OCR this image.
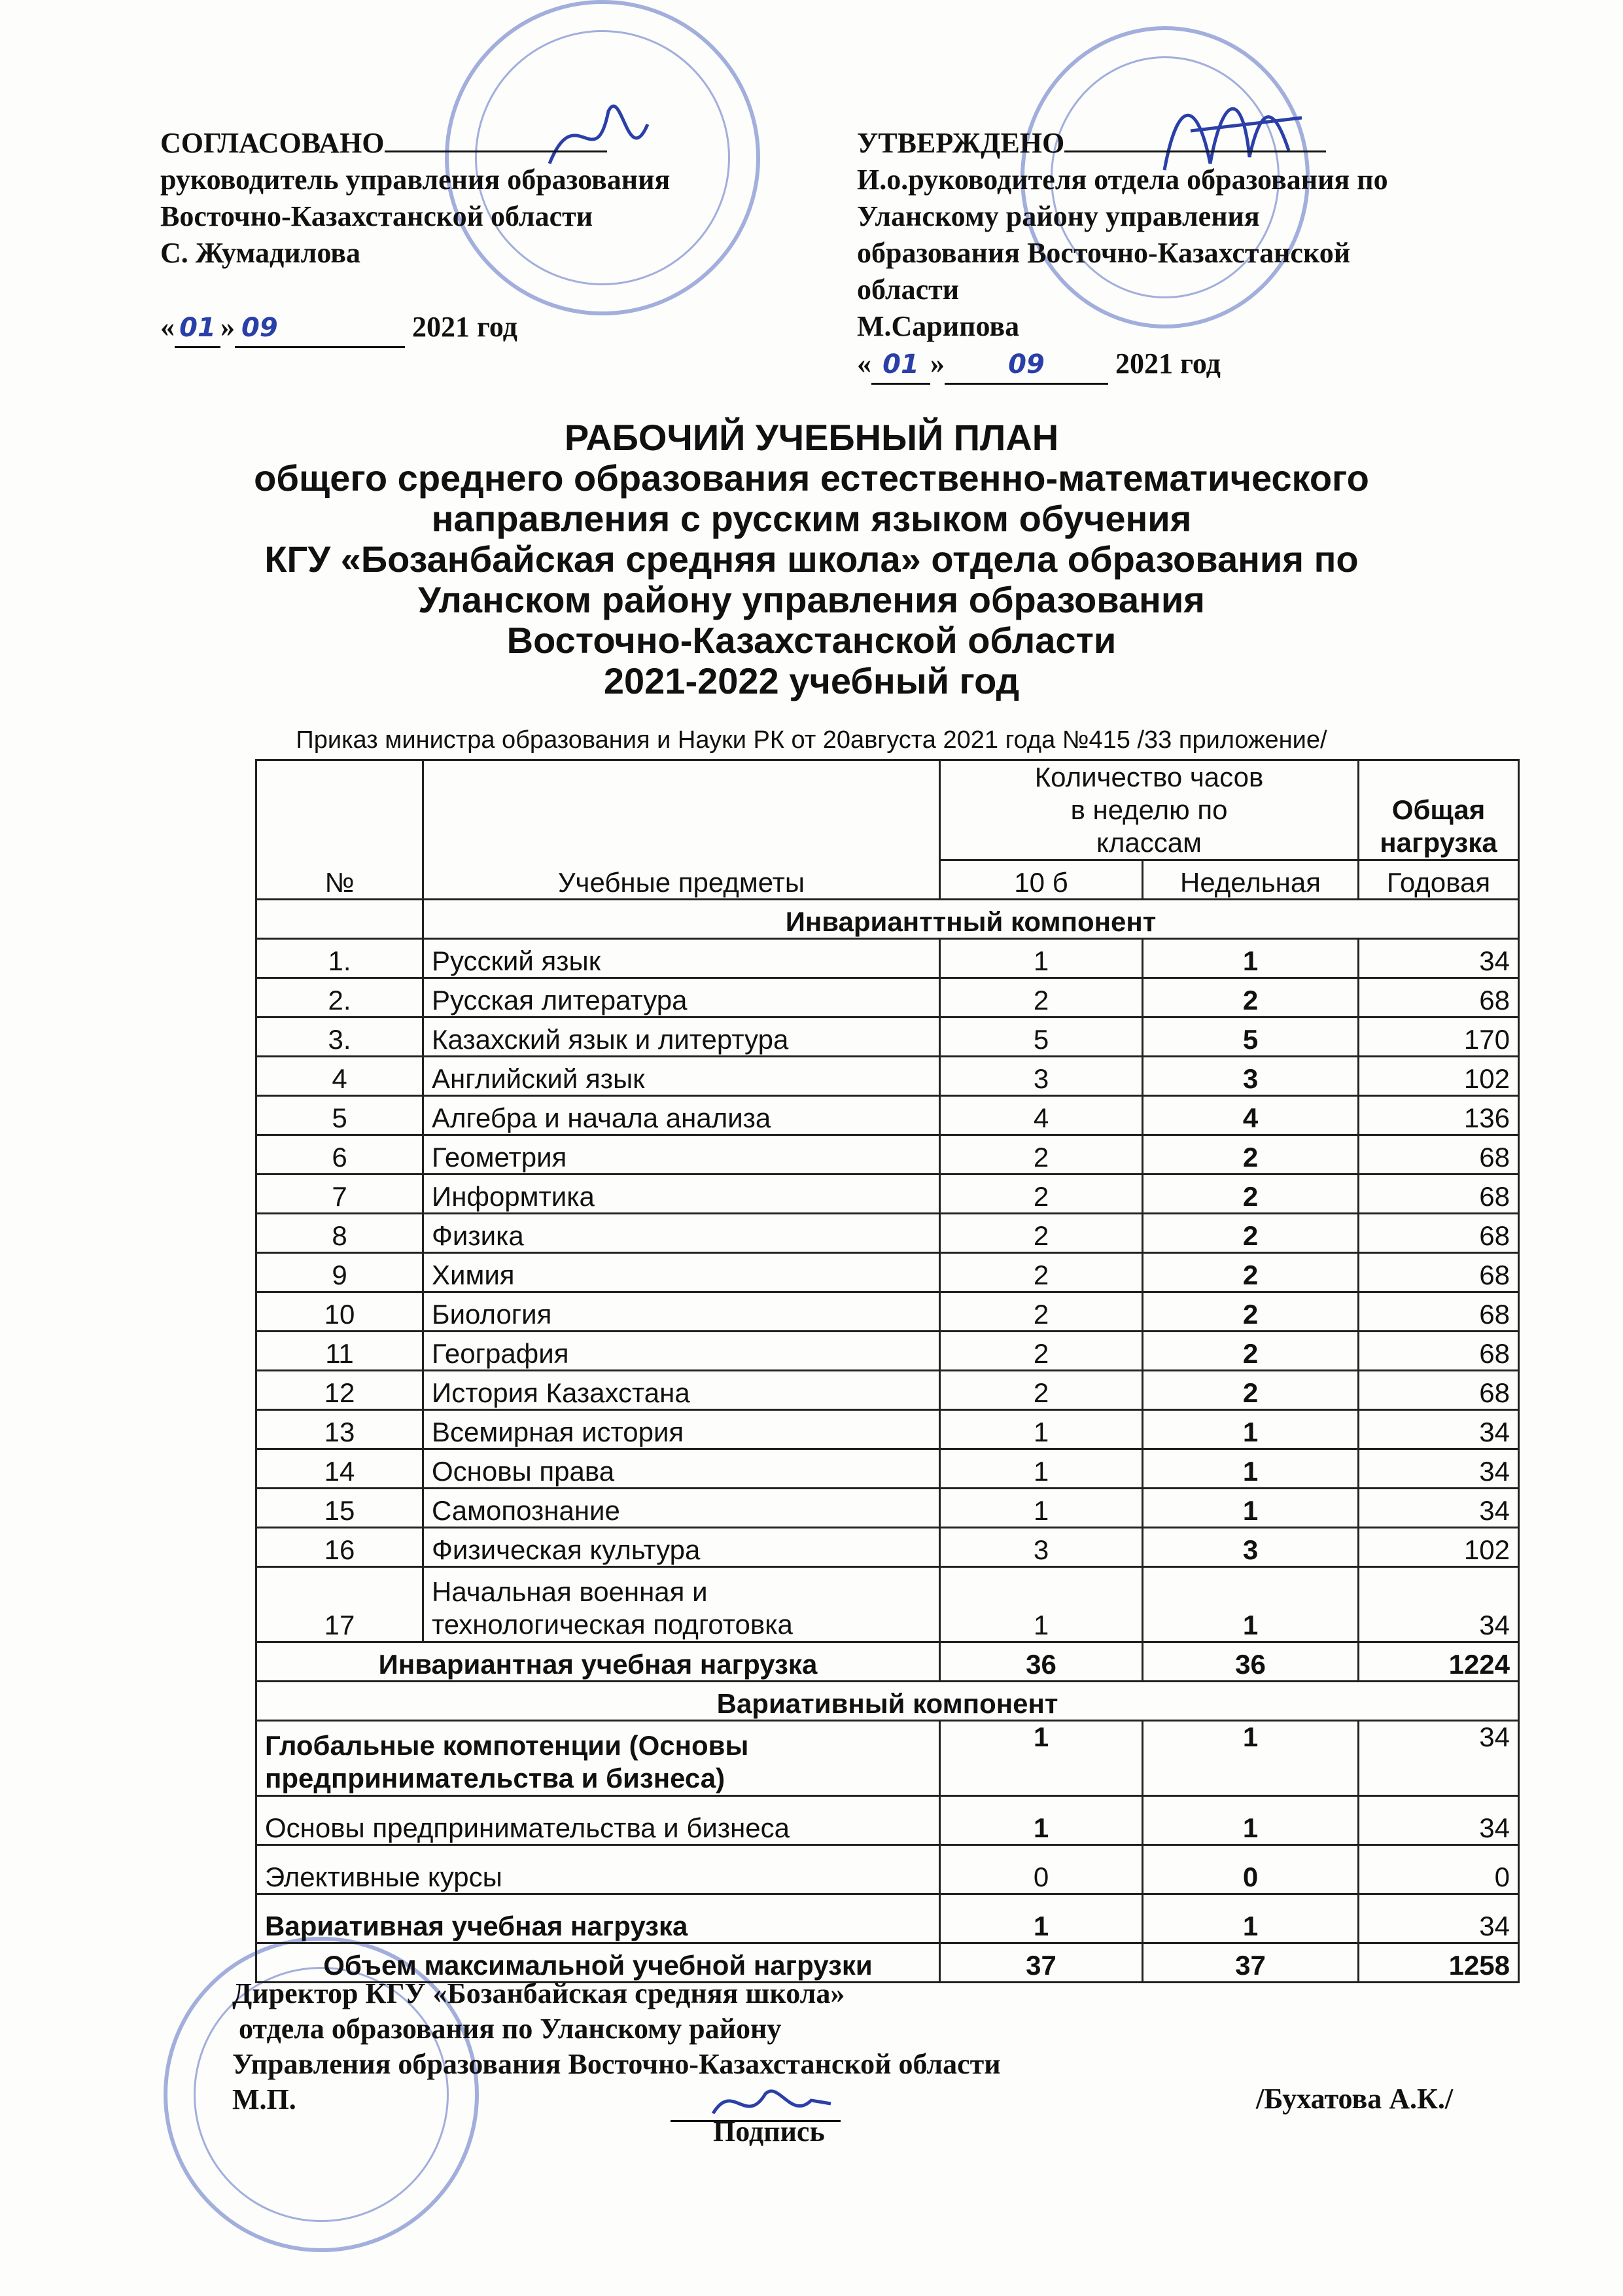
СОГЛАСОВАНО
руководитель управления образования
Восточно-Казахстанской области
С. Жумадилова
« 01 » 09	2021 год
УТВЕРЖДЕНО
И.о.руководителя отдела образования по
Уланскому району управления
образования Восточно-Казахстанской
области
М.Сарипова
« 01 » 09 2021 год
РАБОЧИЙ УЧЕБНЫЙ ПЛАН
общего среднего образования естественно-математического
направления с русским языком обучения
КГУ «Бозанбайская средняя школа» отдела образования по
Уланском району управления образования
Восточно-Казахстанской области
2021-2022 учебный год
Приказ министра образования и Науки РК от 20августа 2021 года №415 /33 приложение/
№	Учебные предметы	Количество часов в неделю по классам		Общая нагрузка
		10 б	Недельная	Годовая
	Инварианттный компонент			
1.	Русский язык	1	1	34
2.	Русская литература	2	2	68
3.	Казахский язык и литертура	5	5	170
4	Английский язык	3	3	102
5	Алгебра и начала анализа	4	4	136
6	Геометрия	2	2	68
7	Информтика	2	2	68
8	Физика	2	2	68
9	Химия	2	2	68
10	Биология	2	2	68
11	География	2	2	68
12	История Казахстана	2	2	68
13	Всемирная история	1	1	34
14	Основы права	1	1	34
15	Самопознание	1	1	34
16	Физическая культура	3	3	102
17	Начальная военная и
технологическая подготовка	1	1	34
Инвариантная учебная нагрузка		36	36	1224
Вариативный компонент				

Глобальные компотенции (Основы
предпринимательства и бизнеса)		1	1	34
Основы предпринимательства и бизнеса		1	1	34
Элективные курсы		0	0	0
Вариативная учебная нагрузка		1	1	34
Объем максимальной учебной нагрузки		37	37	1258
Директор КГУ «Бозанбайская средняя школа»
отдела образования по Уланскому району
Управления образования Восточно-Казахстанской области
М.П.
Подпись
/Бухатова А.К./
